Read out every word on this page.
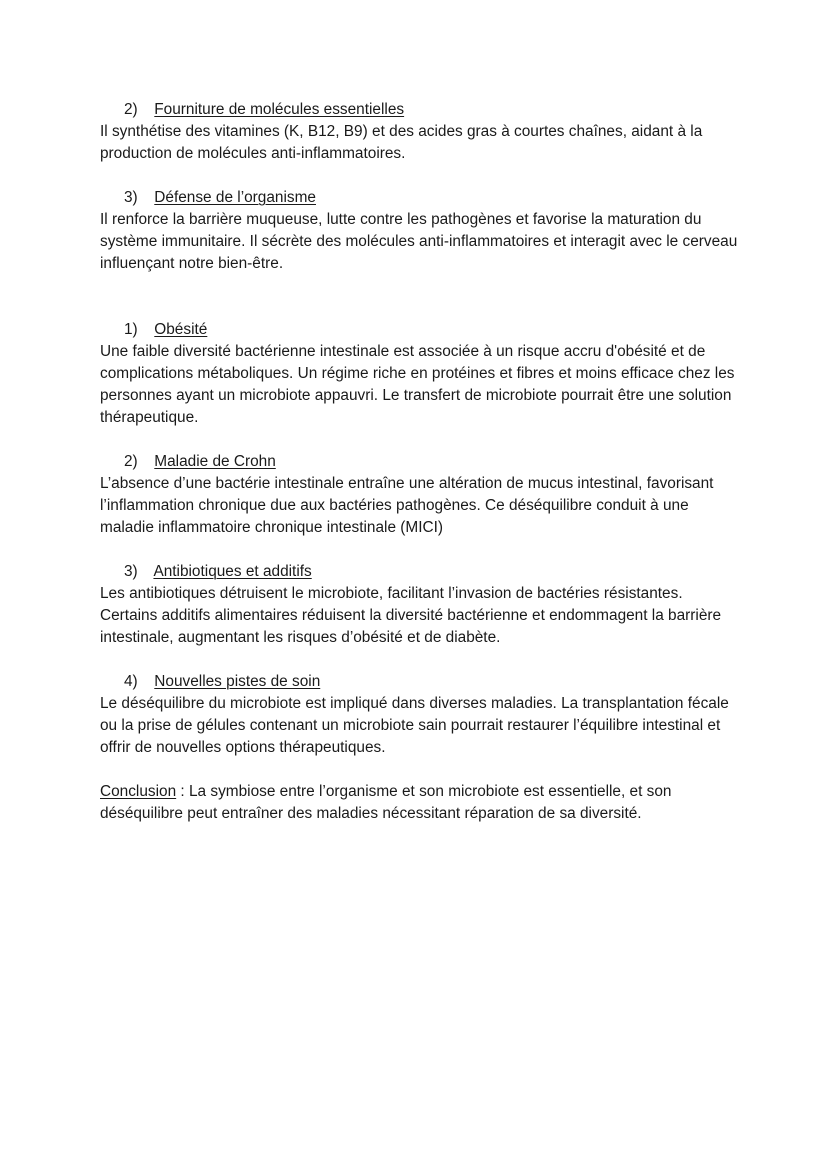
2) Fourniture de molécules essentielles

Il synthétise des vitamines (K, B12, B9) et des acides gras à courtes chaînes, aidant à la production de molécules anti-inflammatoires.

3) Défense de l’organisme

Il renforce la barrière muqueuse, lutte contre les pathogènes et favorise la maturation du système immunitaire. Il sécrète des molécules anti-inflammatoires et interagit avec le cerveau influençant notre bien-être.

1) Obésité

Une faible diversité bactérienne intestinale est associée à un risque accru d'obésité et de complications métaboliques. Un régime riche en protéines et fibres et moins efficace chez les personnes ayant un microbiote appauvri. Le transfert de microbiote pourrait être une solution thérapeutique.

2) Maladie de Crohn

L’absence d’une bactérie intestinale entraîne une altération de mucus intestinal, favorisant l’inflammation chronique due aux bactéries pathogènes. Ce déséquilibre conduit à une maladie inflammatoire chronique intestinale (MICI)

3) Antibiotiques et additifs

Les antibiotiques détruisent le microbiote, facilitant l’invasion de bactéries résistantes. Certains additifs alimentaires réduisent la diversité bactérienne et endommagent la barrière intestinale, augmentant les risques d’obésité et de diabète.

4) Nouvelles pistes de soin

Le déséquilibre du microbiote est impliqué dans diverses maladies. La transplantation fécale ou la prise de gélules contenant un microbiote sain pourrait restaurer l’équilibre intestinal et offrir de nouvelles options thérapeutiques.

Conclusion : La symbiose entre l’organisme et son microbiote est essentielle, et son déséquilibre peut entraîner des maladies nécessitant réparation de sa diversité.
